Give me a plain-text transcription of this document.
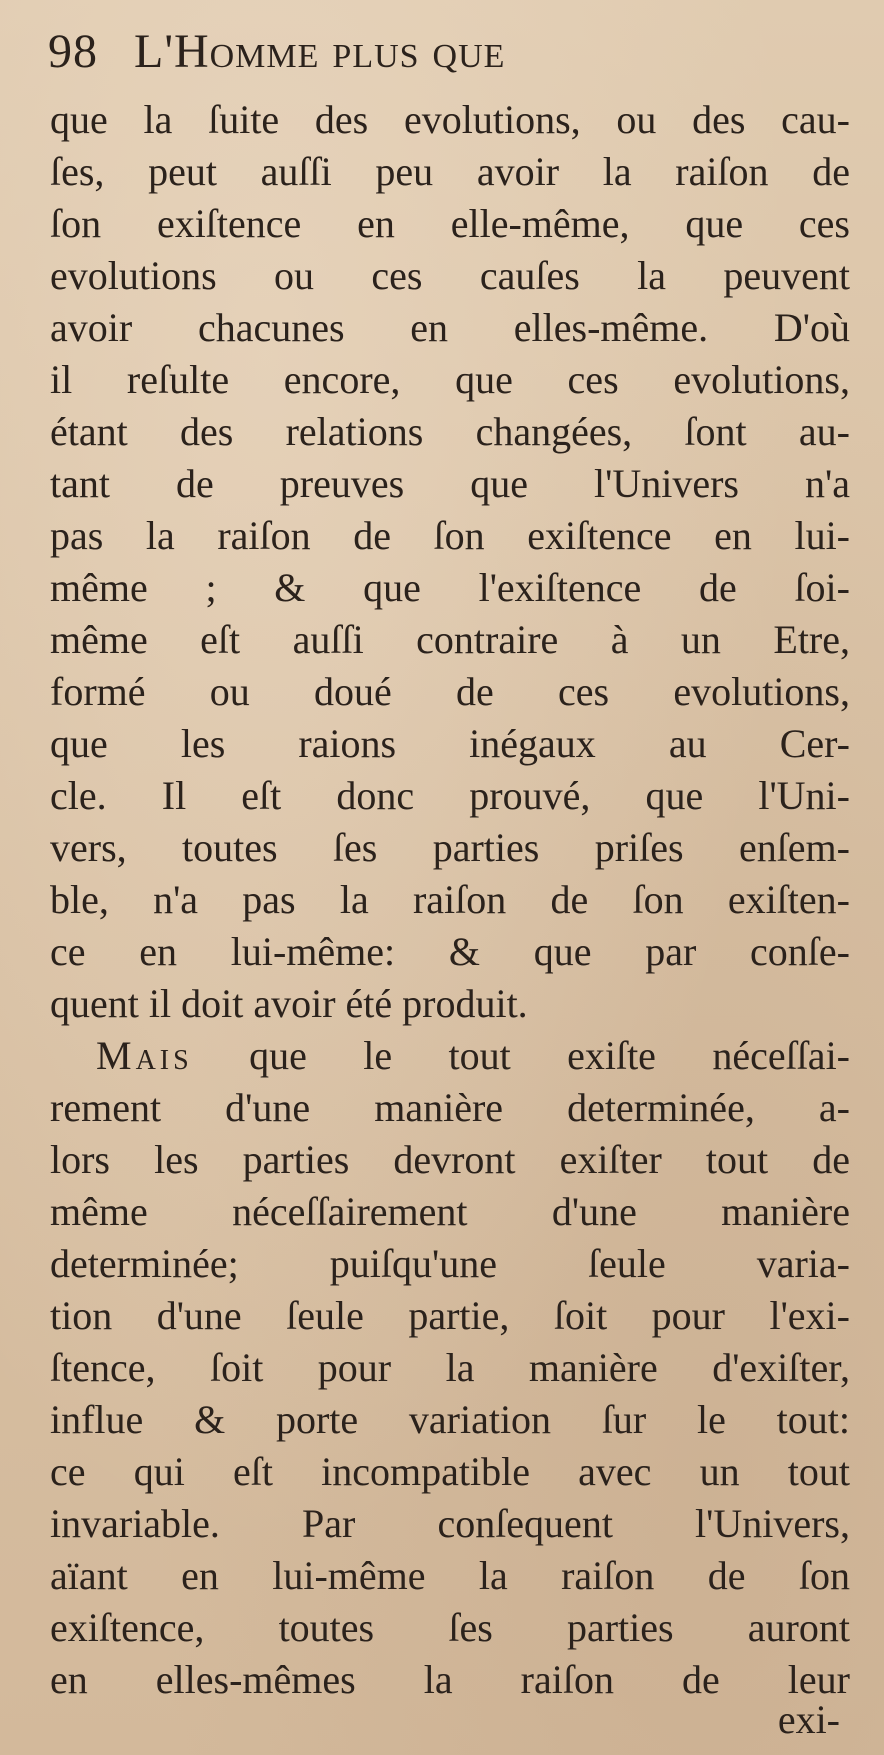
98 L'Homme plus que
que la ſuite des evolutions, ou des cau-
ſes, peut auſſi peu avoir la raiſon de
ſon exiſtence en elle-même, que ces
evolutions ou ces cauſes la peuvent
avoir chacunes en elles-même. D'où
il reſulte encore, que ces evolutions,
étant des relations changées, ſont au-
tant de preuves que l'Univers n'a
pas la raiſon de ſon exiſtence en lui-
même ; & que l'exiſtence de ſoi-
même eſt auſſi contraire à un Etre,
formé ou doué de ces evolutions,
que les raions inégaux au Cer-
cle. Il eſt donc prouvé, que l'Uni-
vers, toutes ſes parties priſes enſem-
ble, n'a pas la raiſon de ſon exiſten-
ce en lui-même: & que par conſe-
quent il doit avoir été produit.
Mais que le tout exiſte néceſſai-
rement d'une manière determinée, a-
lors les parties devront exiſter tout de
même néceſſairement d'une manière
determinée; puiſqu'une ſeule varia-
tion d'une ſeule partie, ſoit pour l'exi-
ſtence, ſoit pour la manière d'exiſter,
influe & porte variation ſur le tout:
ce qui eſt incompatible avec un tout
invariable. Par conſequent l'Univers,
aïant en lui-même la raiſon de ſon
exiſtence, toutes ſes parties auront
en elles-mêmes la raiſon de leur
exi-
